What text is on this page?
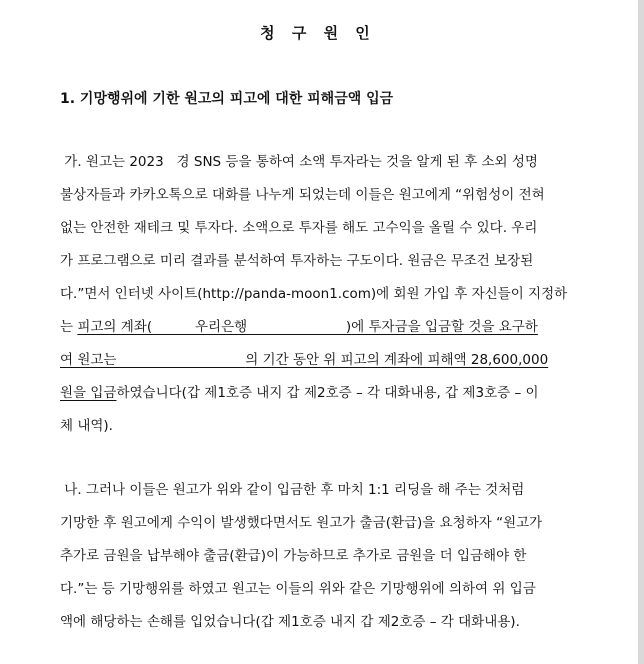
청 구 원 인
1. 기망행위에 기한 원고의 피고에 대한 피해금액 입금
가. 원고는 2023   경 SNS 등을 통하여 소액 투자라는 것을 알게 된 후 소외 성명
불상자들과 카카오톡으로 대화를 나누게 되었는데 이들은 원고에게 “위험성이 전혀
없는 안전한 재테크 및 투자다. 소액으로 투자를 해도 고수익을 올릴 수 있다. 우리
가 프로그램으로 미리 결과를 분석하여 투자하는 구도이다. 원금은 무조건 보장된
다.”면서 인터넷 사이트(http://panda-moon1.com)에 회원 가입 후 자신들이 지정하
는 피고의 계좌(          우리은행                       )에 투자금을 입금할 것을 요구하
여 원고는                              의 기간 동안 위 피고의 계좌에 피해액 28,600,000
원을 입금하였습니다(갑 제1호증 내지 갑 제2호증 – 각 대화내용, 갑 제3호증 – 이
체 내역).
나. 그러나 이들은 원고가 위와 같이 입금한 후 마치 1:1 리딩을 해 주는 것처럼
기망한 후 원고에게 수익이 발생했다면서도 원고가 출금(환급)을 요청하자 “원고가
추가로 금원을 납부해야 출금(환급)이 가능하므로 추가로 금원을 더 입금해야 한
다.”는 등 기망행위를 하였고 원고는 이들의 위와 같은 기망행위에 의하여 위 입금
액에 해당하는 손해를 입었습니다(갑 제1호증 내지 갑 제2호증 – 각 대화내용).
